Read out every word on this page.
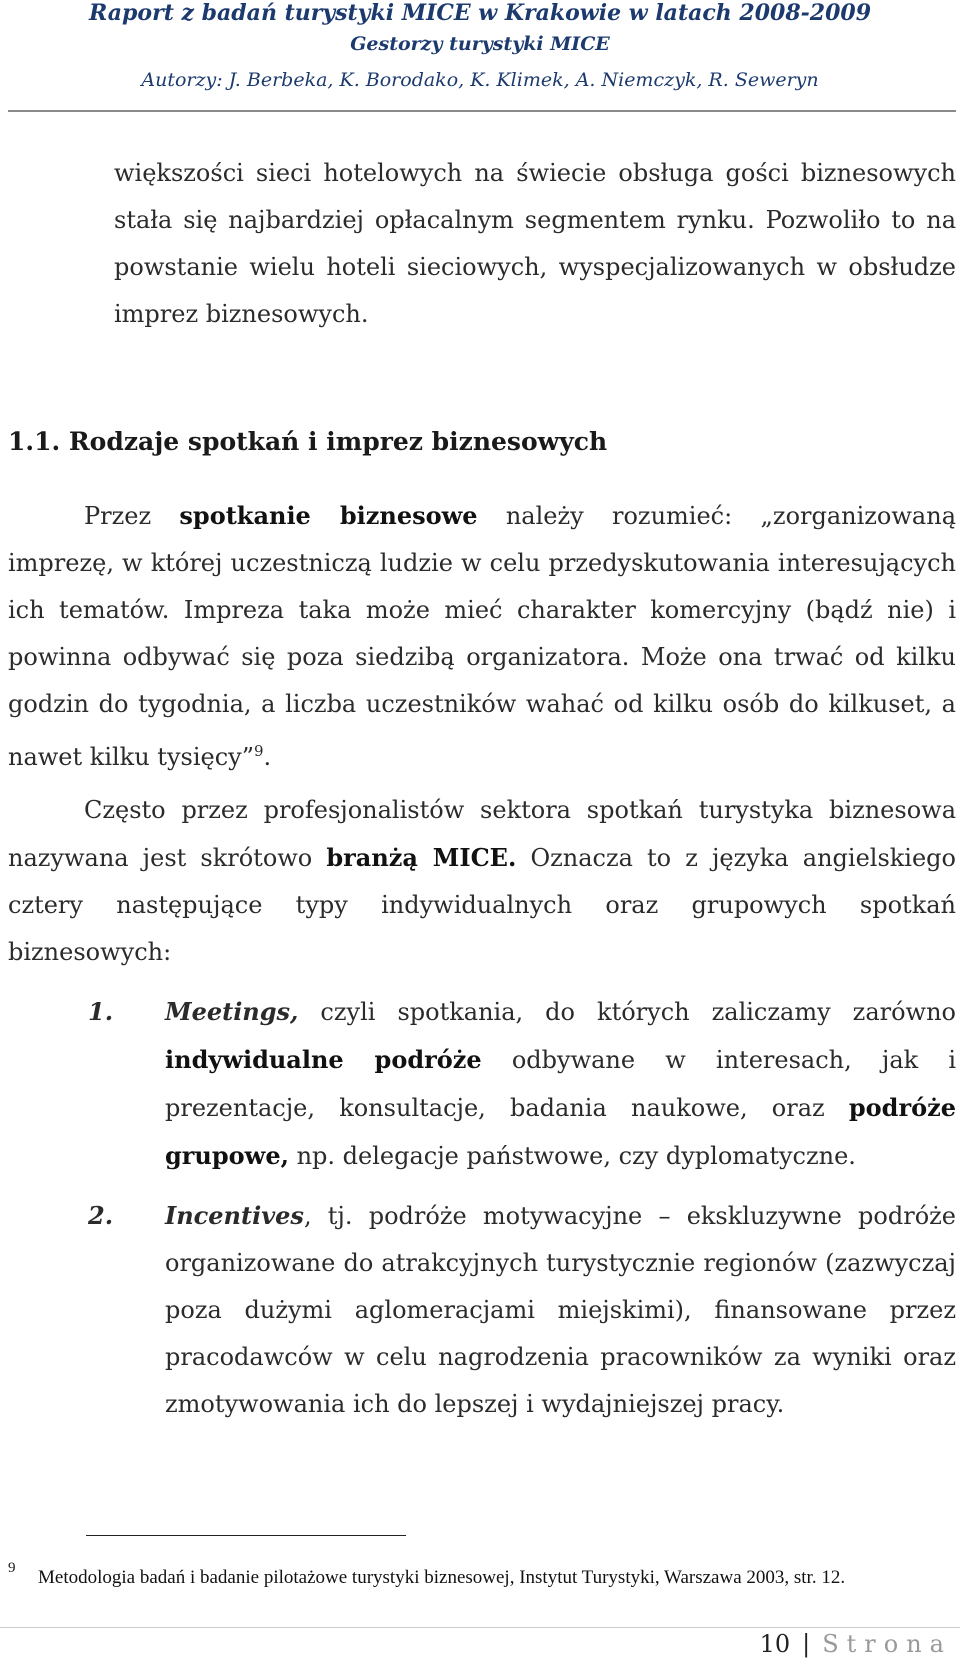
Raport z badań turystyki MICE w Krakowie w latach 2008-2009
Gestorzy turystyki MICE
Autorzy: J. Berbeka, K. Borodako, K. Klimek, A. Niemczyk, R. Seweryn
większości sieci hotelowych na świecie obsługa gości biznesowych stała się najbardziej opłacalnym segmentem rynku. Pozwoliło to na powstanie wielu hoteli sieciowych, wyspecjalizowanych w obsłudze imprez biznesowych.
1.1. Rodzaje spotkań i imprez biznesowych
Przez spotkanie biznesowe należy rozumieć: „zorganizowaną imprezę, w której uczestniczą ludzie w celu przedyskutowania interesujących ich tematów. Impreza taka może mieć charakter komercyjny (bądź nie) i powinna odbywać się poza siedzibą organizatora. Może ona trwać od kilku godzin do tygodnia, a liczba uczestników wahać od kilku osób do kilkuset, a nawet kilku tysięcy”$^9$.
Często przez profesjonalistów sektora spotkań turystyka biznesowa nazywana jest skrótowo branżą MICE. Oznacza to z języka angielskiego cztery następujące typy indywidualnych oraz grupowych spotkań biznesowych:
1. Meetings, czyli spotkania, do których zaliczamy zarówno indywidualne podróże odbywane w interesach, jak i prezentacje, konsultacje, badania naukowe, oraz podróże grupowe, np. delegacje państwowe, czy dyplomatyczne.
2. Incentives, tj. podróże motywacyjne – ekskluzywne podróże organizowane do atrakcyjnych turystycznie regionów (zazwyczaj poza dużymi aglomeracjami miejskimi), finansowane przez pracodawców w celu nagrodzenia pracowników za wyniki oraz zmotywowania ich do lepszej i wydajniejszej pracy.
9 Metodologia badań i badanie pilotażowe turystyki biznesowej, Instytut Turystyki, Warszawa 2003, str. 12.
10 | Strona
